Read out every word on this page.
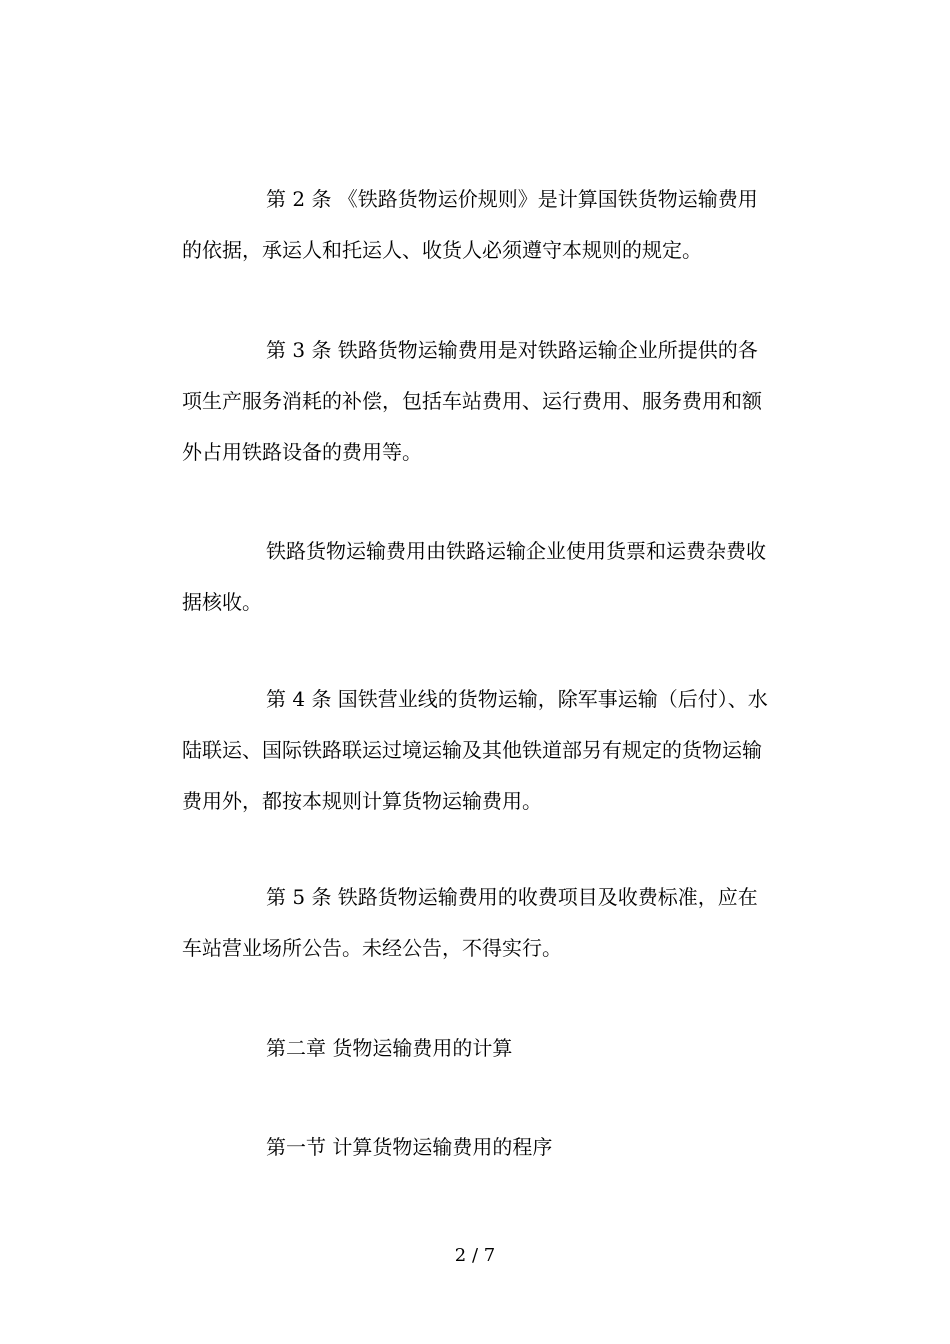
第 2 条 《铁路货物运价规则》是计算国铁货物运输费用的依据，承运人和托运人、收货人必须遵守本规则的规定。

第 3 条 铁路货物运输费用是对铁路运输企业所提供的各项生产服务消耗的补偿，包括车站费用、运行费用、服务费用和额外占用铁路设备的费用等。

铁路货物运输费用由铁路运输企业使用货票和运费杂费收据核收。

第 4 条 国铁营业线的货物运输，除军事运输（后付）、水陆联运、国际铁路联运过境运输及其他铁道部另有规定的货物运输费用外，都按本规则计算货物运输费用。

第 5 条 铁路货物运输费用的收费项目及收费标准，应在车站营业场所公告。未经公告，不得实行。

第二章 货物运输费用的计算

第一节 计算货物运输费用的程序

2 / 7
